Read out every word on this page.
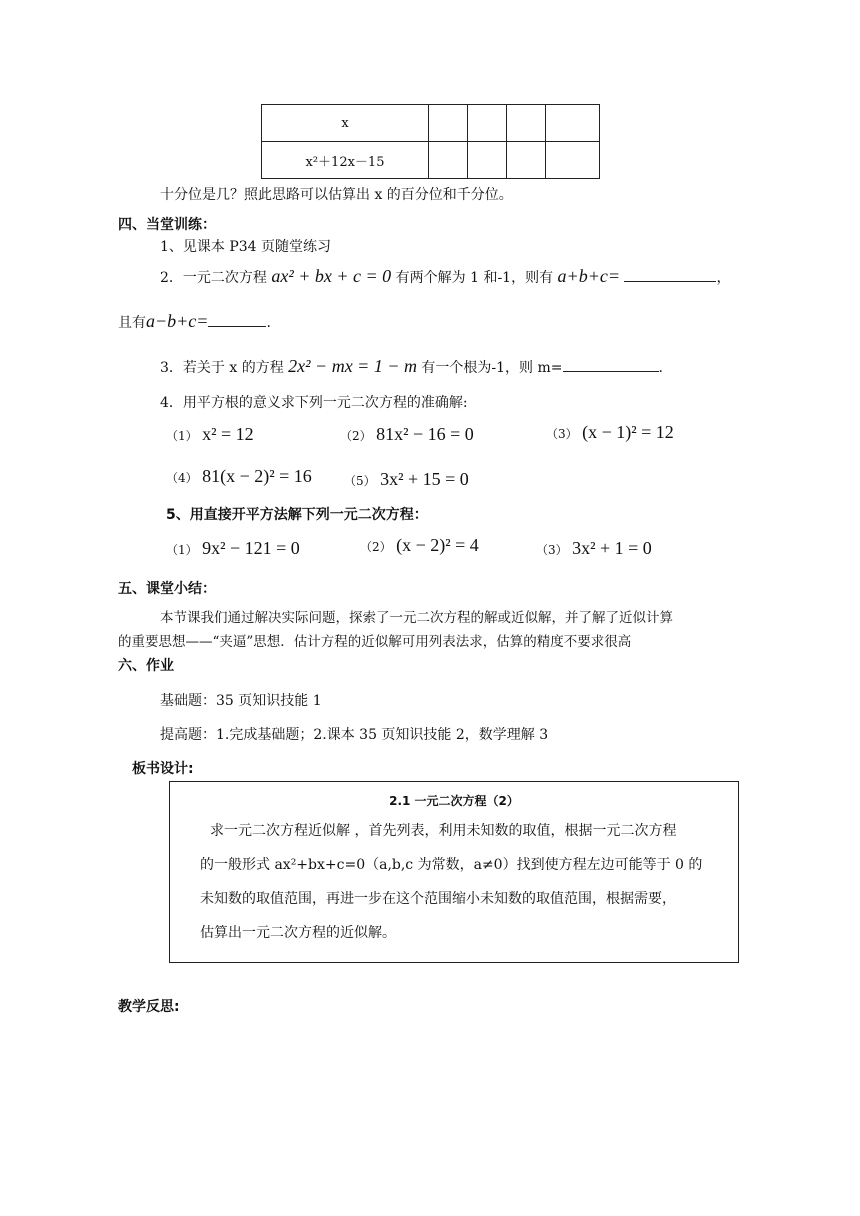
x				
x²＋12x－15				
十分位是几？照此思路可以估算出 x 的百分位和千分位。
四、当堂训练：
1、见课本 P34 页随堂练习
2．一元二次方程 ax² + bx + c = 0 有两个解为 1 和-1，则有 a+b+c=	，
且有a−b+c=	.
3．若关于 x 的方程 2x² − mx = 1 − m 有一个根为-1，则 m=	.
4．用平方根的意义求下列一元二次方程的准确解:
（1） x² = 12	（2） 81x² − 16 = 0	（3） (x − 1)² = 12
（4） 81(x − 2)² = 16	（5） 3x² + 15 = 0
5、用直接开平方法解下列一元二次方程：
（1） 9x² − 121 = 0	（2） (x − 2)² = 4	（3） 3x² + 1 = 0
五、课堂小结：
本节课我们通过解决实际问题，探索了一元二次方程的解或近似解，并了解了近似计算
的重要思想——“夹逼”思想．估计方程的近似解可用列表法求，估算的精度不要求很高
六、作业
基础题：35 页知识技能 1
提高题：1.完成基础题；2.课本 35 页知识技能 2，数学理解 3
板书设计:
2.1 一元二次方程（2）
求一元二次方程近似解 ，首先列表，利用未知数的取值，根据一元二次方程
的一般形式 ax²+bx+c=0（a,b,c 为常数，a≠0）找到使方程左边可能等于 0 的
未知数的取值范围，再进一步在这个范围缩小未知数的取值范围，根据需要，
估算出一元二次方程的近似解。
教学反思:
